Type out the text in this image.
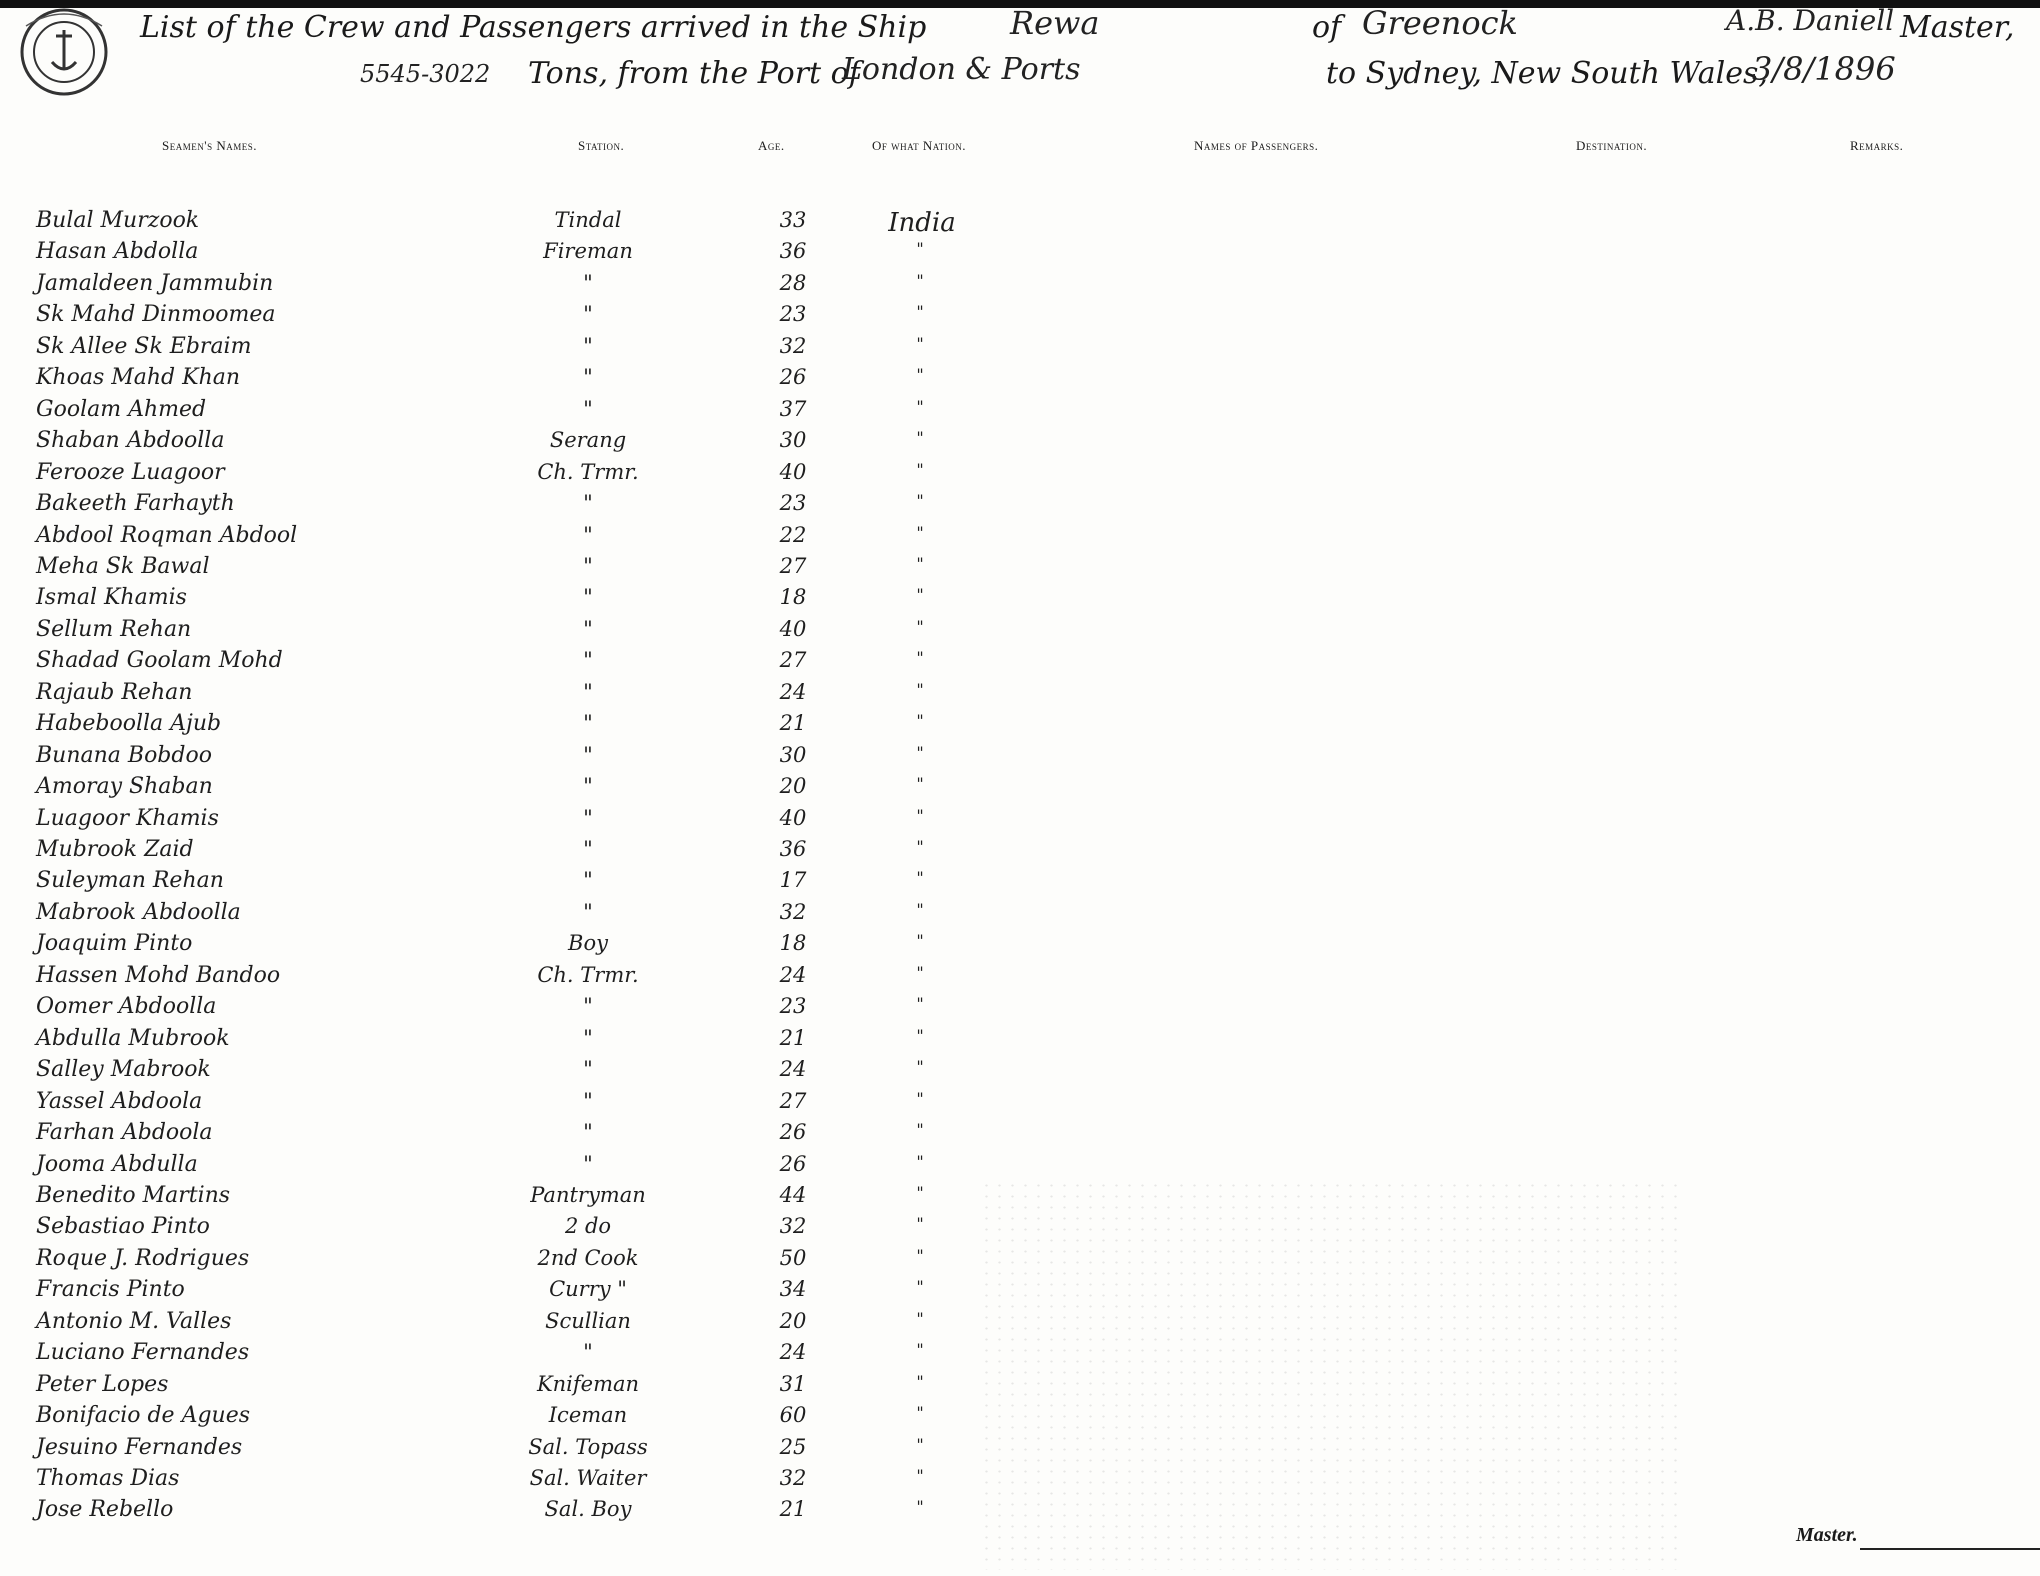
List of the Crew and Passengers arrived in the Ship	Rewa	of Greenock	A.B. Daniell Master,
5545-3022 Tons, from the Port of
London & Ports	to Sydney, New South Wales,
3/8/1896
Seamen's Names.	Station.	Age.	Of what Nation.	Names of Passengers.	Destination.	Remarks.
Bulal Murzook	Tindal	33	India
Hasan Abdolla	Fireman	36	"
Jamaldeen Jammubin	"	28	"
Sk Mahd Dinmoomea	"	23	"
Sk Allee Sk Ebraim	"	32	"
Khoas Mahd Khan	"	26	"
Goolam Ahmed	"	37	"
Shaban Abdoolla	Serang	30	"
Ferooze Luagoor	Ch. Trmr.	40	"
Bakeeth Farhayth	"	23	"
Abdool Roqman Abdool	"	22	"
Meha Sk Bawal	"	27	"
Ismal Khamis	"	18	"
Sellum Rehan	"	40	"
Shadad Goolam Mohd	"	27	"
Rajaub Rehan	"	24	"
Habeboolla Ajub	"	21	"
Bunana Bobdoo	"	30	"
Amoray Shaban	"	20	"
Luagoor Khamis	"	40	"
Mubrook Zaid	"	36	"
Suleyman Rehan	"	17	"
Mabrook Abdoolla	"	32	"
Joaquim Pinto	Boy	18	"
Hassen Mohd Bandoo	Ch. Trmr.	24	"
Oomer Abdoolla	"	23	"
Abdulla Mubrook	"	21	"
Salley Mabrook	"	24	"
Yassel Abdoola	"	27	"
Farhan Abdoola	"	26	"
Jooma Abdulla	"	26	"
Benedito Martins	Pantryman	44	"
Sebastiao Pinto	2 do	32	"
Roque J. Rodrigues	2nd Cook	50	"
Francis Pinto	Curry "	34	"
Antonio M. Valles	Scullian	20	"
Luciano Fernandes	"	24	"
Peter Lopes	Knifeman	31	"
Bonifacio de Agues	Iceman	60	"
Jesuino Fernandes	Sal. Topass	25	"
Thomas Dias	Sal. Waiter	32	"
Jose Rebello	Sal. Boy	21	"
Master.
